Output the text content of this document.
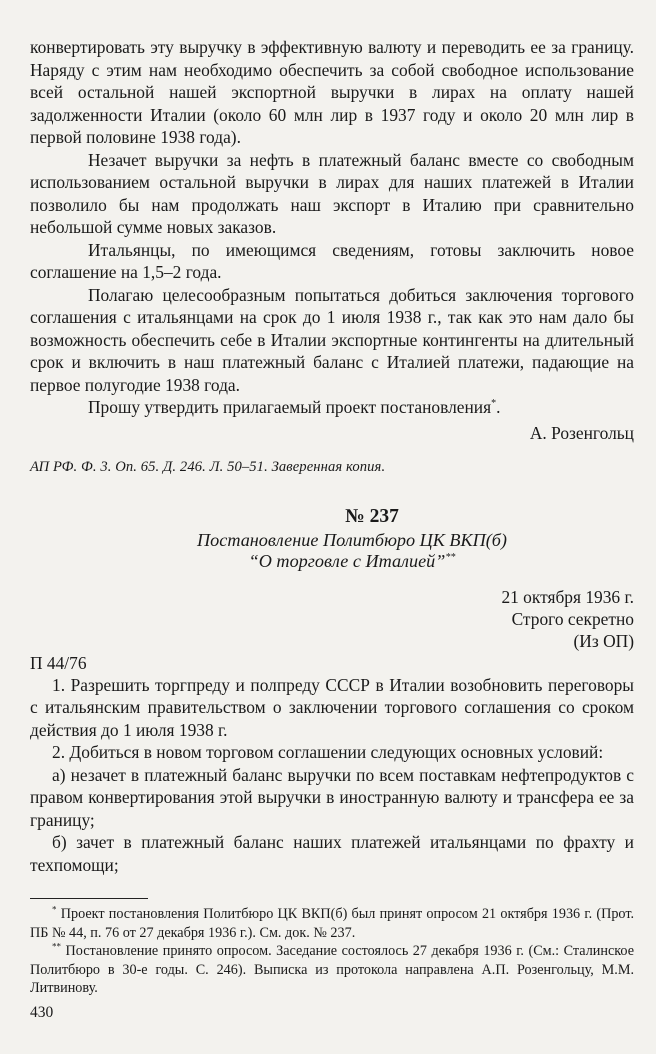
конвертировать эту выручку в эффективную валюту и переводить ее за границу. Наряду с этим нам необходимо обеспечить за собой свободное использование всей остальной нашей экспортной выручки в лирах на оплату нашей задолженности Италии (около 60 млн лир в 1937 году и около 20 млн лир в первой половине 1938 года).

Незачет выручки за нефть в платежный баланс вместе со свободным использованием остальной выручки в лирах для наших платежей в Италии позволило бы нам продолжать наш экспорт в Италию при сравнительно небольшой сумме новых заказов.

Итальянцы, по имеющимся сведениям, готовы заключить новое соглашение на 1,5–2 года.

Полагаю целесообразным попытаться добиться заключения торгового соглашения с итальянцами на срок до 1 июля 1938 г., так как это нам дало бы возможность обеспечить себе в Италии экспортные контингенты на длительный срок и включить в наш платежный баланс с Италией платежи, падающие на первое полугодие 1938 года.

Прошу утвердить прилагаемый проект постановления*.

А. Розенгольц

АП РФ. Ф. 3. Оп. 65. Д. 246. Л. 50–51. Заверенная копия.

№ 237
Постановление Политбюро ЦК ВКП(б)
“О торговле с Италией”**
21 октября 1936 г.
Строго секретно
(Из ОП)
П 44/76

1. Разрешить торгпреду и полпреду СССР в Италии возобновить переговоры с итальянским правительством о заключении торгового соглашения со сроком действия до 1 июля 1938 г.

2. Добиться в новом торговом соглашении следующих основных условий:

а) незачет в платежный баланс выручки по всем поставкам нефтепродуктов с правом конвертирования этой выручки в иностранную валюту и трансфера ее за границу;

б) зачет в платежный баланс наших платежей итальянцами по фрахту и техпомощи;

* Проект постановления Политбюро ЦК ВКП(б) был принят опросом 21 октября 1936 г. (Прот. ПБ № 44, п. 76 от 27 декабря 1936 г.). См. док. № 237.

** Постановление принято опросом. Заседание состоялось 27 декабря 1936 г. (См.: Сталинское Политбюро в 30-е годы. С. 246). Выписка из протокола направлена А.П. Розенгольцу, М.М. Литвинову.

430
